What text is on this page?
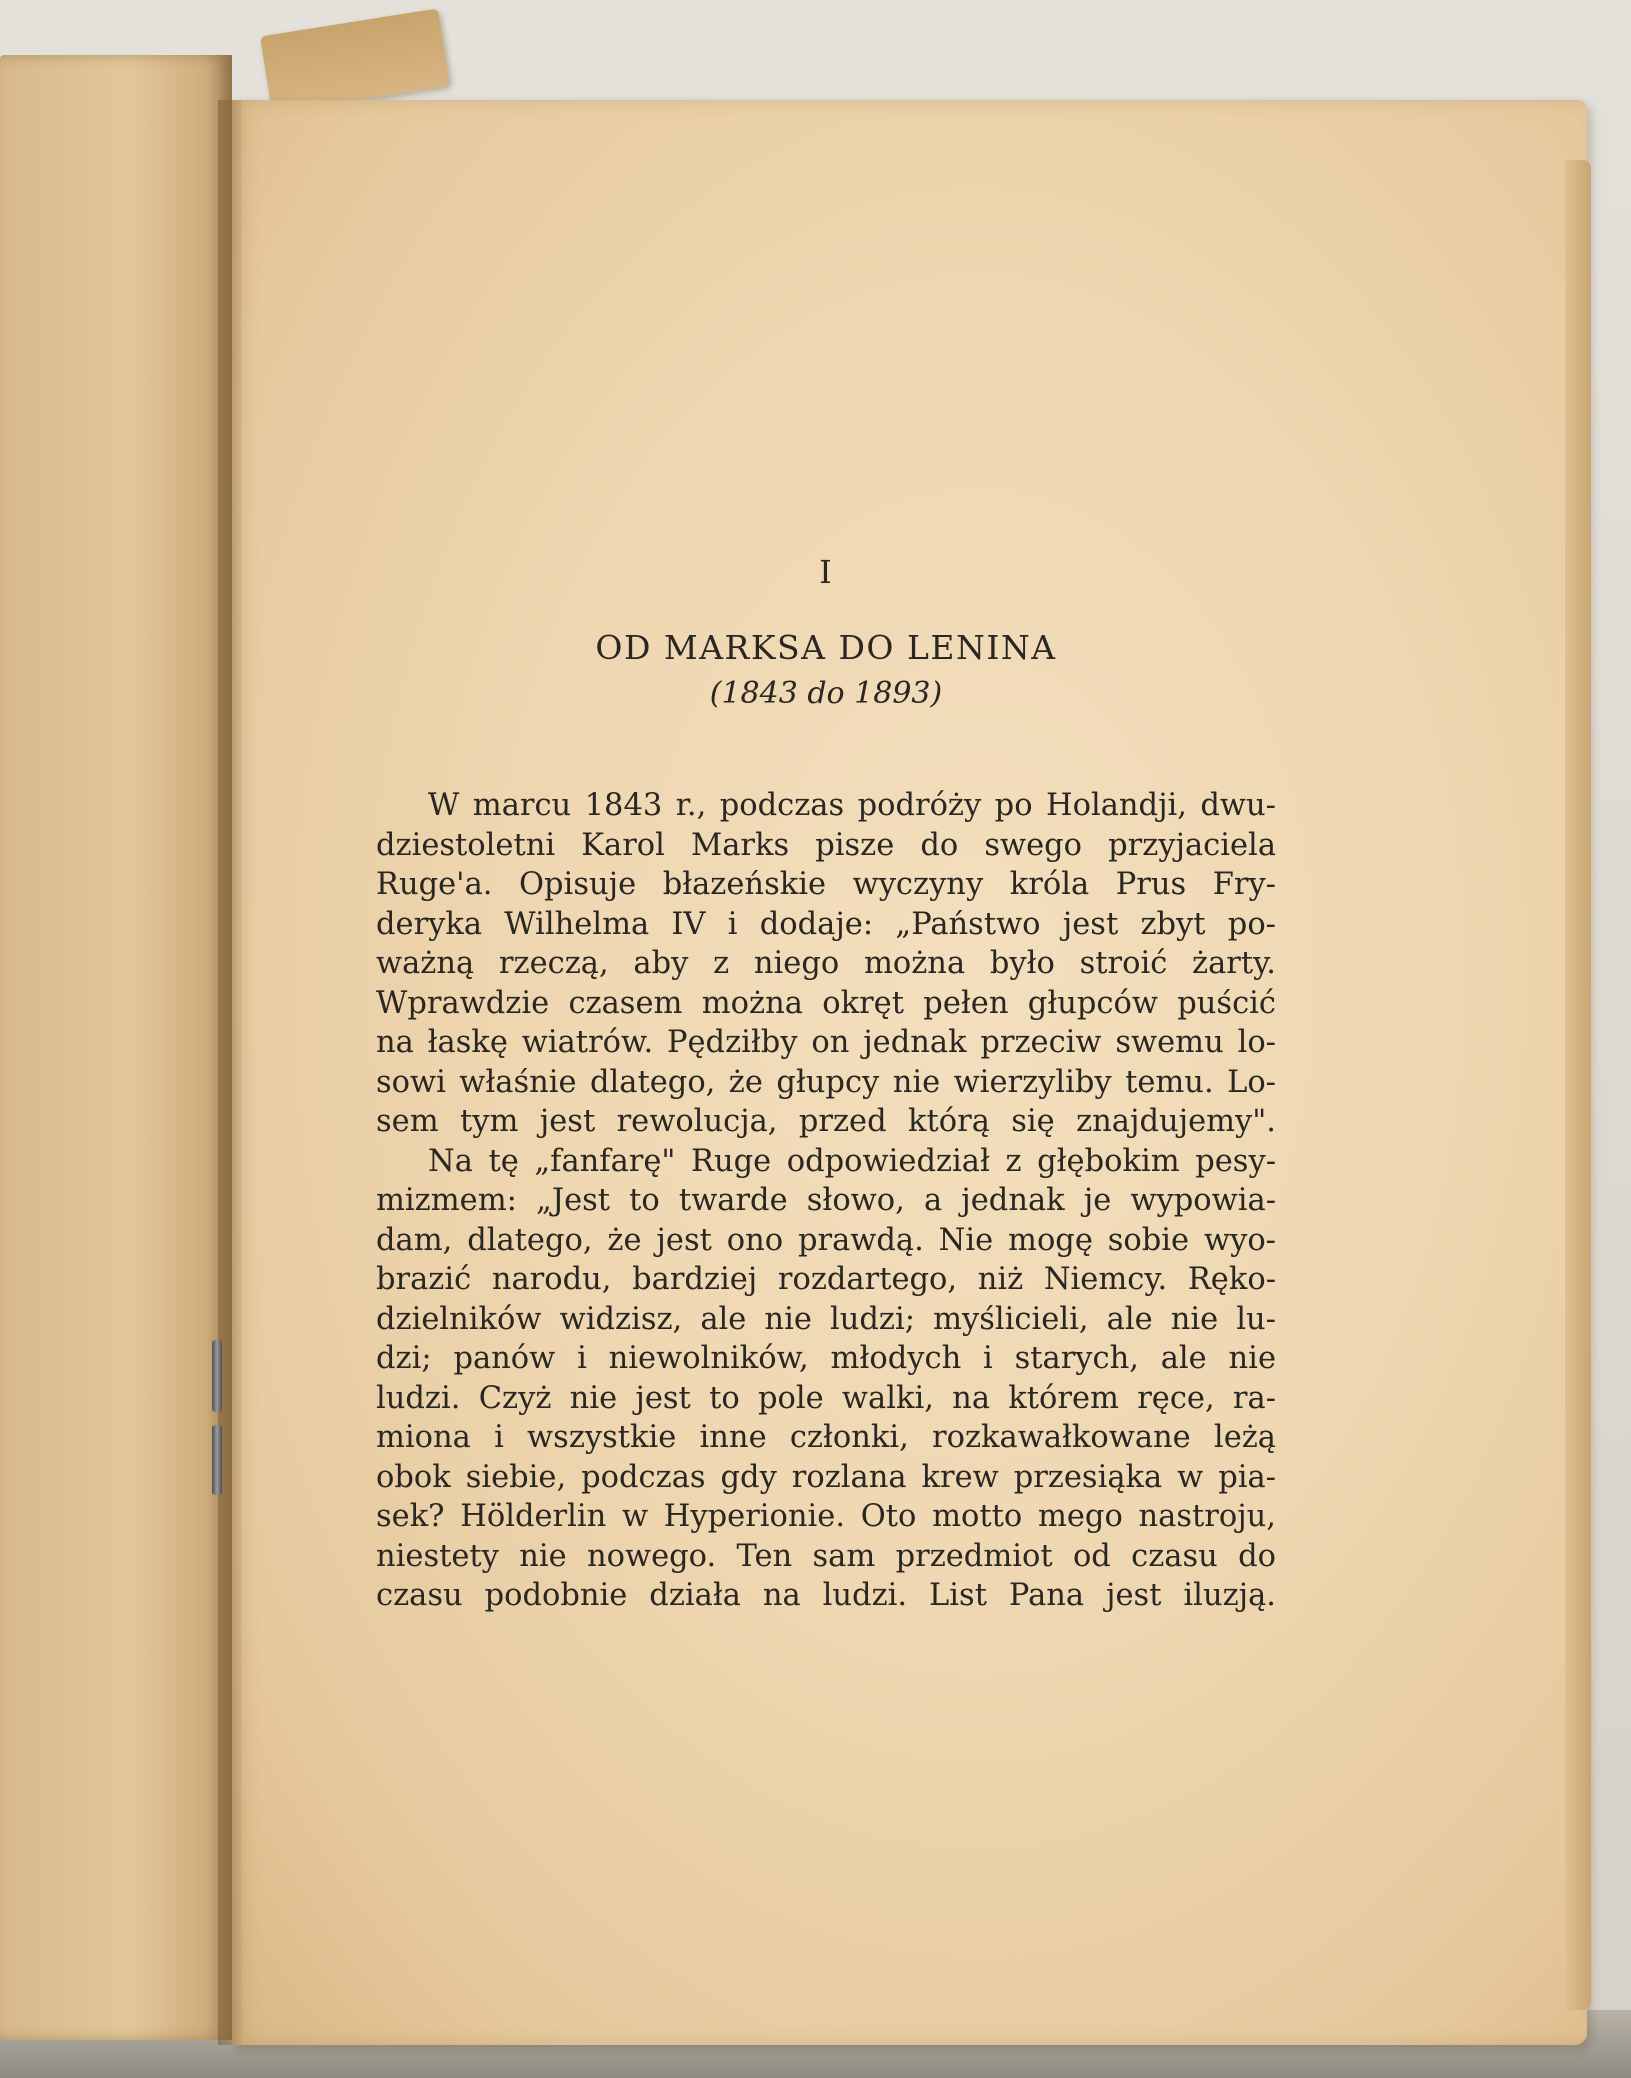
I

OD MARKSA DO LENINA

(1843 do 1893)

W marcu 1843 r., podczas podróży po Holandji, dwu-
dziestoletni Karol Marks pisze do swego przyjaciela
Ruge'a. Opisuje błazeńskie wyczyny króla Prus Fry-
deryka Wilhelma IV i dodaje: „Państwo jest zbyt po-
ważną rzeczą, aby z niego można było stroić żarty.
Wprawdzie czasem można okręt pełen głupców puścić
na łaskę wiatrów. Pędziłby on jednak przeciw swemu lo-
sowi właśnie dlatego, że głupcy nie wierzyliby temu. Lo-
sem tym jest rewolucja, przed którą się znajdujemy".
Na tę „fanfarę" Ruge odpowiedział z głębokim pesy-
mizmem: „Jest to twarde słowo, a jednak je wypowia-
dam, dlatego, że jest ono prawdą. Nie mogę sobie wyo-
brazić narodu, bardziej rozdartego, niż Niemcy. Ręko-
dzielników widzisz, ale nie ludzi; myślicieli, ale nie lu-
dzi; panów i niewolników, młodych i starych, ale nie
ludzi. Czyż nie jest to pole walki, na którem ręce, ra-
miona i wszystkie inne członki, rozkawałkowane leżą
obok siebie, podczas gdy rozlana krew przesiąka w pia-
sek? Hölderlin w Hyperionie. Oto motto mego nastroju,
niestety nie nowego. Ten sam przedmiot od czasu do
czasu podobnie działa na ludzi. List Pana jest iluzją.
